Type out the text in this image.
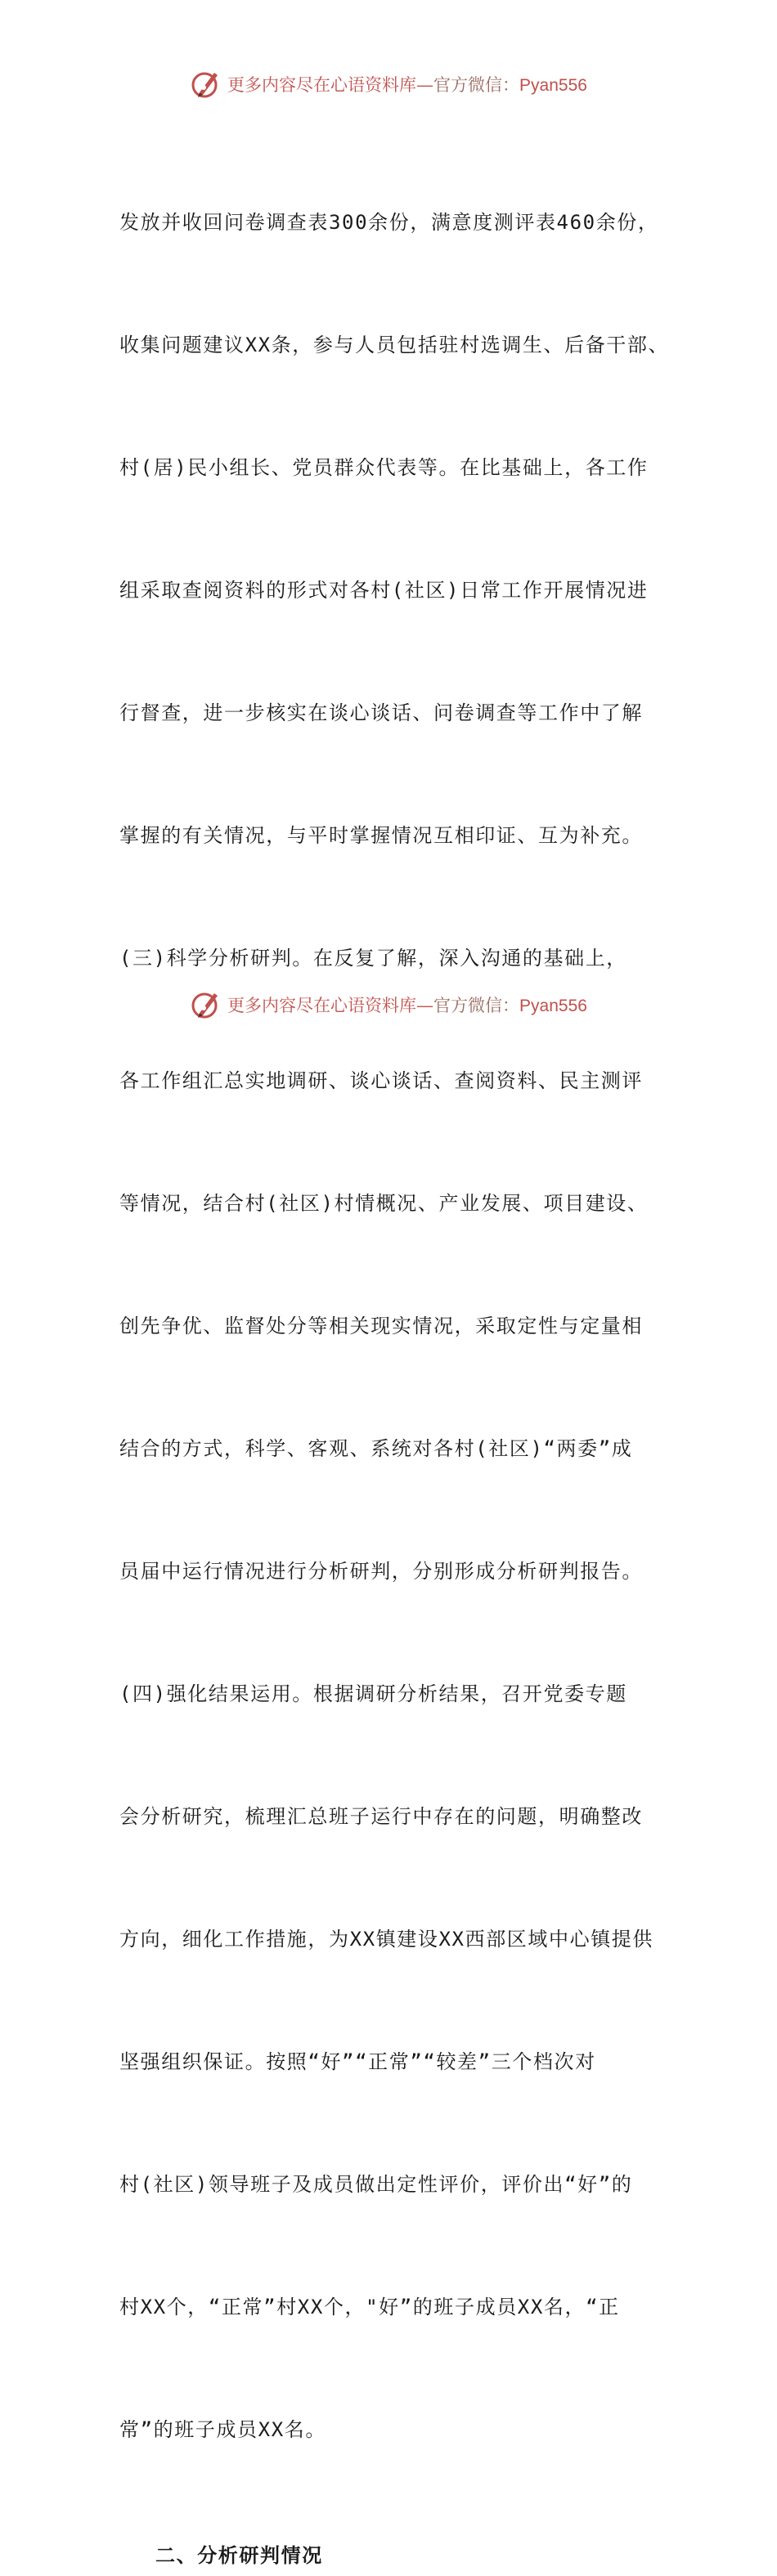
更多内容尽在心语资料库—官方微信：Pyan556

发放并收回问卷调查表300余份，满意度测评表460余份，

收集问题建议XX条，参与人员包括驻村选调生、后备干部、

村(居)民小组长、党员群众代表等。在比基础上，各工作

组采取查阅资料的形式对各村(社区)日常工作开展情况进

行督查，进一步核实在谈心谈话、问卷调查等工作中了解

掌握的有关情况，与平时掌握情况互相印证、互为补充。

(三)科学分析研判。在反复了解，深入沟通的基础上，

各工作组汇总实地调研、谈心谈话、查阅资料、民主测评

等情况，结合村(社区)村情概况、产业发展、项目建设、

创先争优、监督处分等相关现实情况，采取定性与定量相

结合的方式，科学、客观、系统对各村(社区)“两委”成

员届中运行情况进行分析研判，分别形成分析研判报告。

(四)强化结果运用。根据调研分析结果，召开党委专题

会分析研究，梳理汇总班子运行中存在的问题，明确整改

方向，细化工作措施，为XX镇建设XX西部区域中心镇提供

坚强组织保证。按照“好”“正常”“较差”三个档次对

村(社区)领导班子及成员做出定性评价，评价出“好”的

村XX个，“正常”村XX个，"好”的班子成员XX名，“正

常”的班子成员XX名。

二、分析研判情况
更多内容尽在心语资料库—官方微信：Pyan556
